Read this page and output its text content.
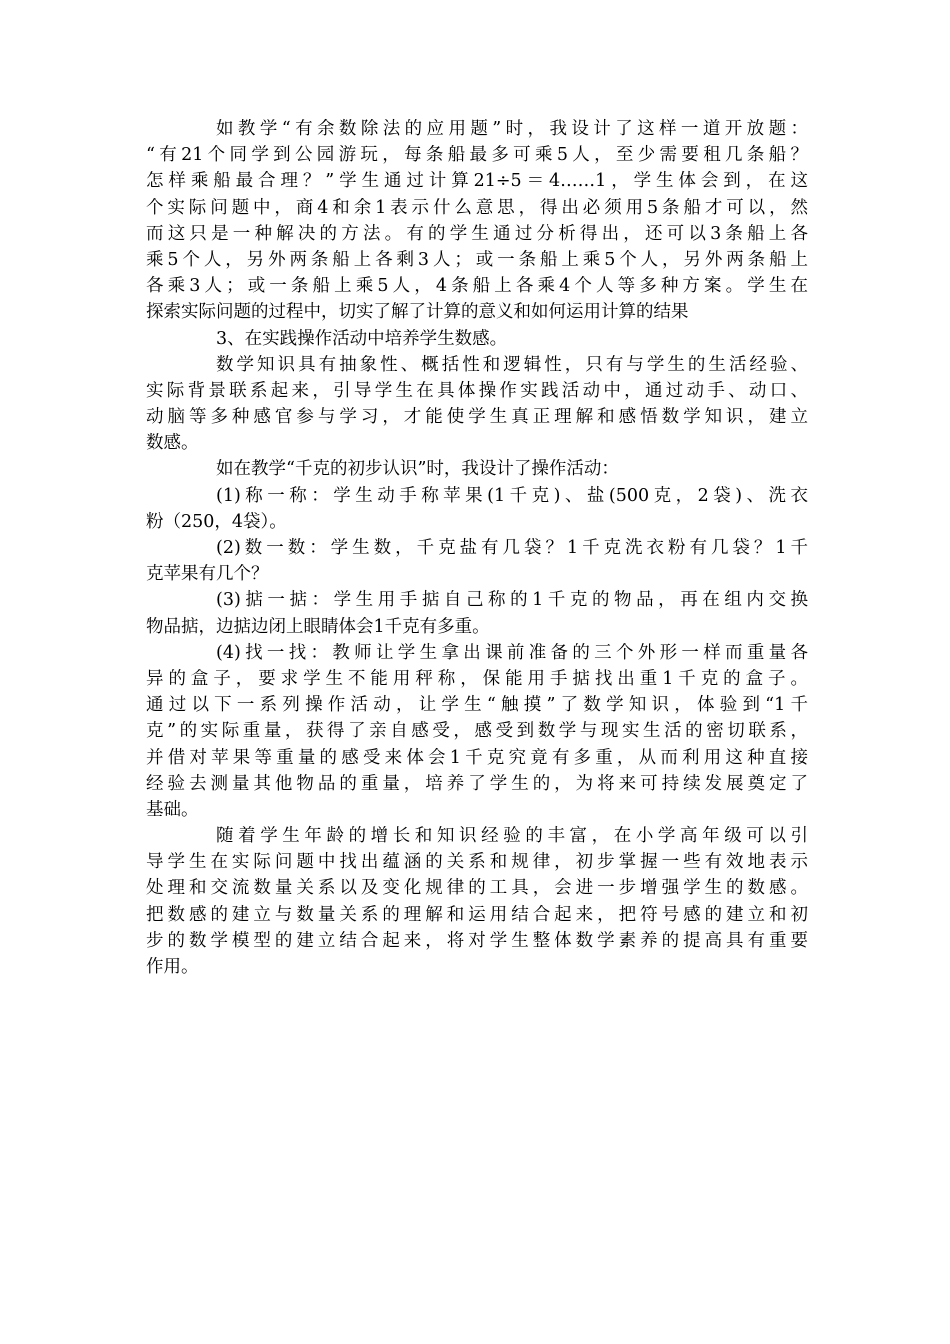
如教学“有余数除法的应用题”时，我设计了这样一道开放题：
“有21个同学到公园游玩，每条船最多可乘5人，至少需要租几条船？
怎样乘船最合理？”学生通过计算21÷5＝4……1，学生体会到，在这
个实际问题中，商4和余1表示什么意思，得出必须用5条船才可以，然
而这只是一种解决的方法。有的学生通过分析得出，还可以3条船上各
乘5个人，另外两条船上各剩3人；或一条船上乘5个人，另外两条船上
各乘3人；或一条船上乘5人，4条船上各乘4个人等多种方案。学生在
探索实际问题的过程中，切实了解了计算的意义和如何运用计算的结果
3、在实践操作活动中培养学生数感。
数学知识具有抽象性、概括性和逻辑性，只有与学生的生活经验、
实际背景联系起来，引导学生在具体操作实践活动中，通过动手、动口、
动脑等多种感官参与学习，才能使学生真正理解和感悟数学知识，建立
数感。
如在教学“千克的初步认识”时，我设计了操作活动：
(1)称一称：学生动手称苹果(1千克)、盐(500克，2袋)、洗衣
粉（250，4袋）。
(2)数一数：学生数，千克盐有几袋？1千克洗衣粉有几袋？1千
克苹果有几个？
(3)掂一掂：学生用手掂自己称的1千克的物品，再在组内交换
物品掂，边掂边闭上眼睛体会1千克有多重。
(4)找一找：教师让学生拿出课前准备的三个外形一样而重量各
异的盒子，要求学生不能用秤称，保能用手掂找出重1千克的盒子。
通过以下一系列操作活动，让学生“触摸”了数学知识，体验到“1千
克”的实际重量，获得了亲自感受，感受到数学与现实生活的密切联系，
并借对苹果等重量的感受来体会1千克究竟有多重，从而利用这种直接
经验去测量其他物品的重量，培养了学生的，为将来可持续发展奠定了
基础。
随着学生年龄的增长和知识经验的丰富，在小学高年级可以引
导学生在实际问题中找出蕴涵的关系和规律，初步掌握一些有效地表示
处理和交流数量关系以及变化规律的工具，会进一步增强学生的数感。
把数感的建立与数量关系的理解和运用结合起来，把符号感的建立和初
步的数学模型的建立结合起来，将对学生整体数学素养的提高具有重要
作用。
